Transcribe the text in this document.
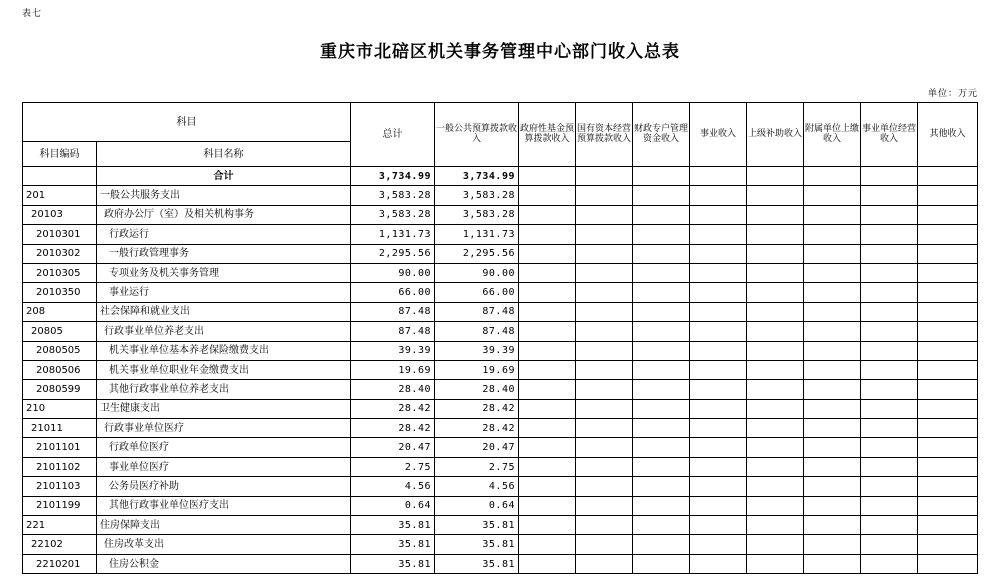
表七
重庆市北碚区机关事务管理中心部门收入总表
单位：万元
科目		总计	一般公共预算拨款收入	政府性基金预算拨款收入	国有资本经营预算拨款收入	财政专户管理资金收入	事业收入	上级补助收入	附属单位上缴收入	事业单位经营收入	其他收入
科目编码	科目名称										
	合计	3,734.99	3,734.99								
201	一般公共服务支出	3,583.28	3,583.28								
20103	政府办公厅（室）及相关机构事务	3,583.28	3,583.28								
2010301	行政运行	1,131.73	1,131.73								
2010302	一般行政管理事务	2,295.56	2,295.56								
2010305	专项业务及机关事务管理	90.00	90.00								
2010350	事业运行	66.00	66.00								
208	社会保障和就业支出	87.48	87.48								
20805	行政事业单位养老支出	87.48	87.48								
2080505	机关事业单位基本养老保险缴费支出	39.39	39.39								
2080506	机关事业单位职业年金缴费支出	19.69	19.69								
2080599	其他行政事业单位养老支出	28.40	28.40								
210	卫生健康支出	28.42	28.42								
21011	行政事业单位医疗	28.42	28.42								
2101101	行政单位医疗	20.47	20.47								
2101102	事业单位医疗	2.75	2.75								
2101103	公务员医疗补助	4.56	4.56								
2101199	其他行政事业单位医疗支出	0.64	0.64								
221	住房保障支出	35.81	35.81								
22102	住房改革支出	35.81	35.81								
2210201	住房公积金	35.81	35.81								
